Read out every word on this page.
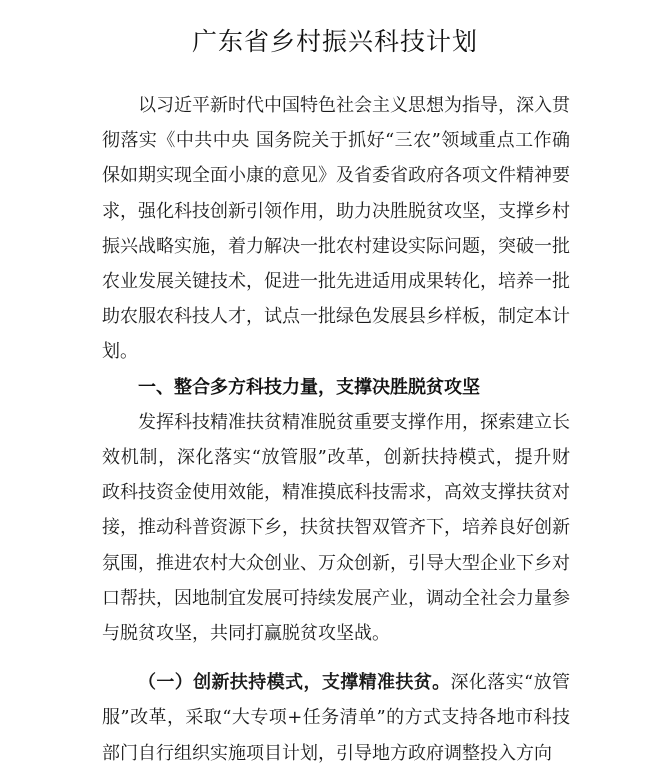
广东省乡村振兴科技计划

以习近平新时代中国特色社会主义思想为指导，深入贯彻落实《中共中央 国务院关于抓好“三农”领域重点工作确保如期实现全面小康的意见》及省委省政府各项文件精神要求，强化科技创新引领作用，助力决胜脱贫攻坚，支撑乡村振兴战略实施，着力解决一批农村建设实际问题，突破一批农业发展关键技术，促进一批先进适用成果转化，培养一批助农服农科技人才，试点一批绿色发展县乡样板，制定本计划。

一、整合多方科技力量，支撑决胜脱贫攻坚

发挥科技精准扶贫精准脱贫重要支撑作用，探索建立长效机制，深化落实“放管服”改革，创新扶持模式，提升财政科技资金使用效能，精准摸底科技需求，高效支撑扶贫对接，推动科普资源下乡，扶贫扶智双管齐下，培养良好创新氛围，推进农村大众创业、万众创新，引导大型企业下乡对口帮扶，因地制宜发展可持续发展产业，调动全社会力量参与脱贫攻坚，共同打赢脱贫攻坚战。

（一）创新扶持模式，支撑精准扶贫。深化落实“放管服”改革，采取“大专项+任务清单”的方式支持各地市科技部门自行组织实施项目计划，引导地方政府调整投入方向
